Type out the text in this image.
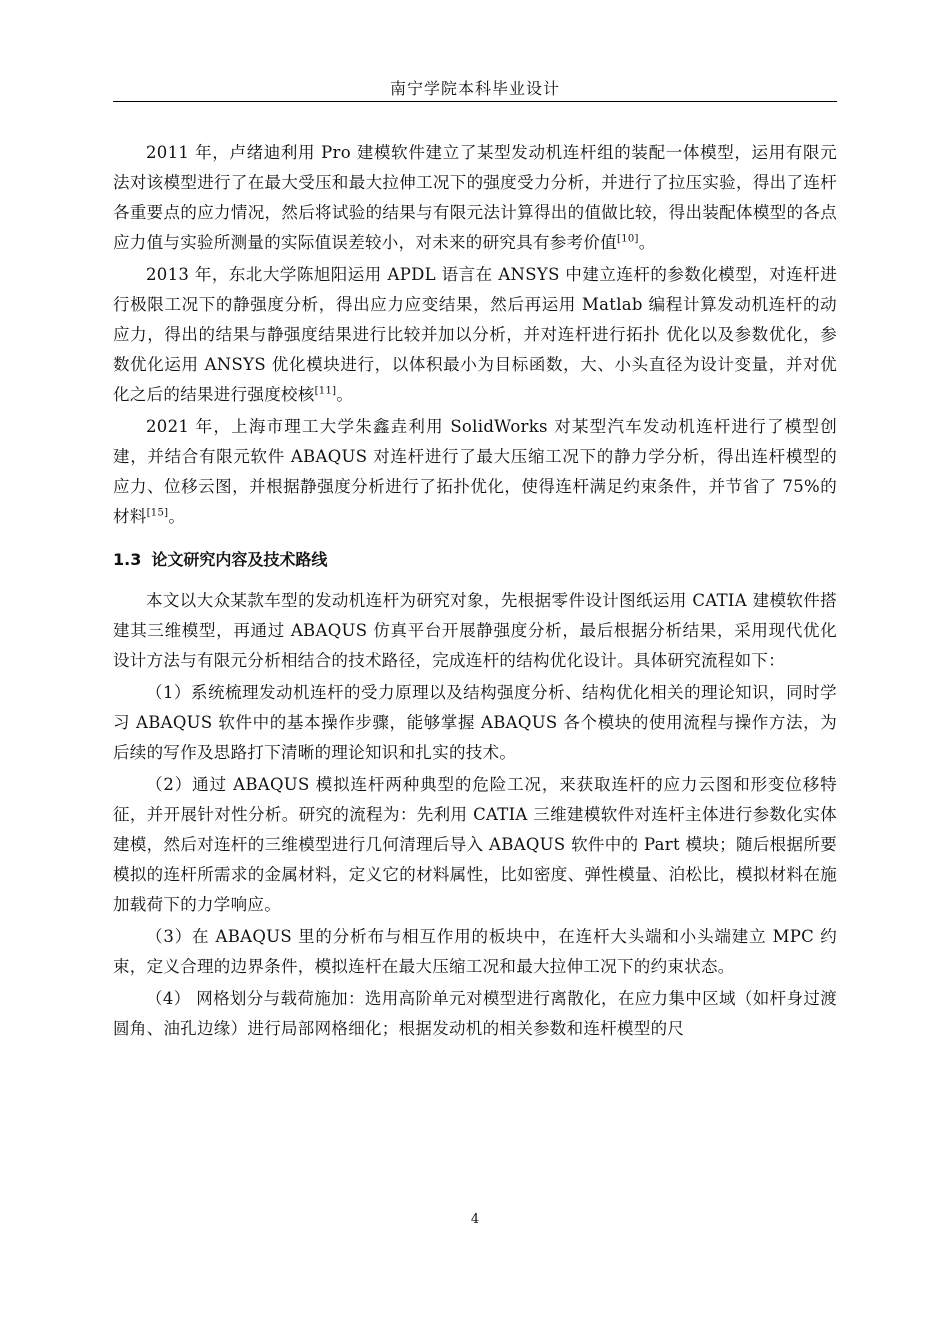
南宁学院本科毕业设计

2011 年，卢绪迪利用 Pro 建模软件建立了某型发动机连杆组的装配一体模型，运用有限元法对该模型进行了在最大受压和最大拉伸工况下的强度受力分析，并进行了拉压实验，得出了连杆各重要点的应力情况，然后将试验的结果与有限元法计算得出的值做比较，得出装配体模型的各点应力值与实验所测量的实际值误差较小，对未来的研究具有参考价值[10]。

2013 年，东北大学陈旭阳运用 APDL 语言在 ANSYS 中建立连杆的参数化模型，对连杆进行极限工况下的静强度分析，得出应力应变结果，然后再运用 Matlab 编程计算发动机连杆的动应力，得出的结果与静强度结果进行比较并加以分析，并对连杆进行拓扑 优化以及参数优化，参数优化运用 ANSYS 优化模块进行，以体积最小为目标函数，大、小头直径为设计变量，并对优化之后的结果进行强度校核[11]。

2021 年，上海市理工大学朱鑫垚利用 SolidWorks 对某型汽车发动机连杆进行了模型创建，并结合有限元软件 ABAQUS 对连杆进行了最大压缩工况下的静力学分析，得出连杆模型的应力、位移云图，并根据静强度分析进行了拓扑优化，使得连杆满足约束条件，并节省了 75%的材料[15]。

1.3 论文研究内容及技术路线

本文以大众某款车型的发动机连杆为研究对象，先根据零件设计图纸运用 CATIA 建模软件搭建其三维模型，再通过 ABAQUS 仿真平台开展静强度分析，最后根据分析结果，采用现代优化设计方法与有限元分析相结合的技术路径，完成连杆的结构优化设计。具体研究流程如下：

（1）系统梳理发动机连杆的受力原理以及结构强度分析、结构优化相关的理论知识，同时学习 ABAQUS 软件中的基本操作步骤，能够掌握 ABAQUS 各个模块的使用流程与操作方法，为后续的写作及思路打下清晰的理论知识和扎实的技术。

（2）通过 ABAQUS 模拟连杆两种典型的危险工况，来获取连杆的应力云图和形变位移特征，并开展针对性分析。研究的流程为：先利用 CATIA 三维建模软件对连杆主体进行参数化实体建模，然后对连杆的三维模型进行几何清理后导入 ABAQUS 软件中的 Part 模块；随后根据所要模拟的连杆所需求的金属材料，定义它的材料属性，比如密度、弹性模量、泊松比，模拟材料在施加载荷下的力学响应。

（3）在 ABAQUS 里的分析布与相互作用的板块中，在连杆大头端和小头端建立 MPC 约束，定义合理的边界条件，模拟连杆在最大压缩工况和最大拉伸工况下的约束状态。

（4） 网格划分与载荷施加：选用高阶单元对模型进行离散化，在应力集中区域（如杆身过渡圆角、油孔边缘）进行局部网格细化；根据发动机的相关参数和连杆模型的尺

4
